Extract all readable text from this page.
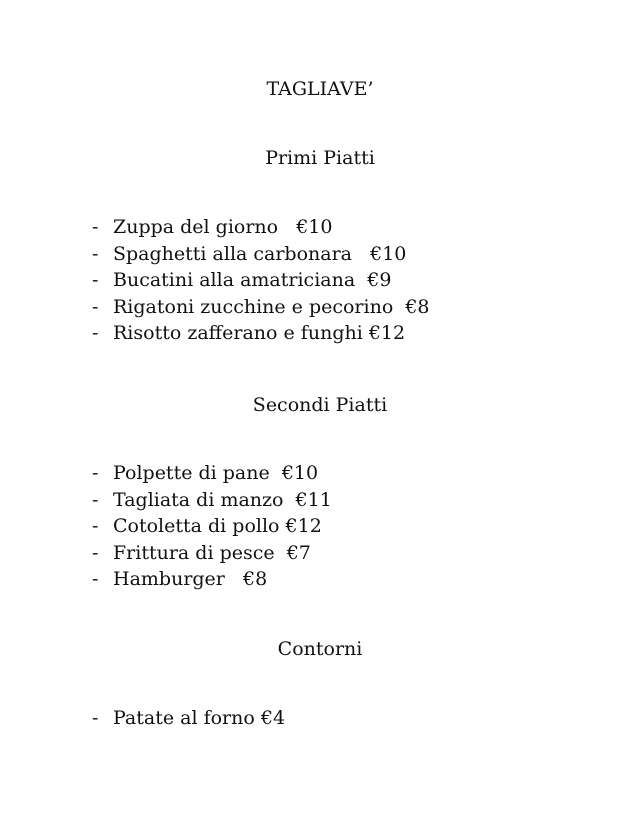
TAGLIAVE’
Primi Piatti
- Zuppa del giorno   €10
- Spaghetti alla carbonara   €10
- Bucatini alla amatriciana  €9
- Rigatoni zucchine e pecorino  €8
- Risotto zafferano e funghi €12
Secondi Piatti
- Polpette di pane  €10
- Tagliata di manzo  €11
- Cotoletta di pollo €12
- Frittura di pesce  €7
- Hamburger   €8
Contorni
- Patate al forno €4
